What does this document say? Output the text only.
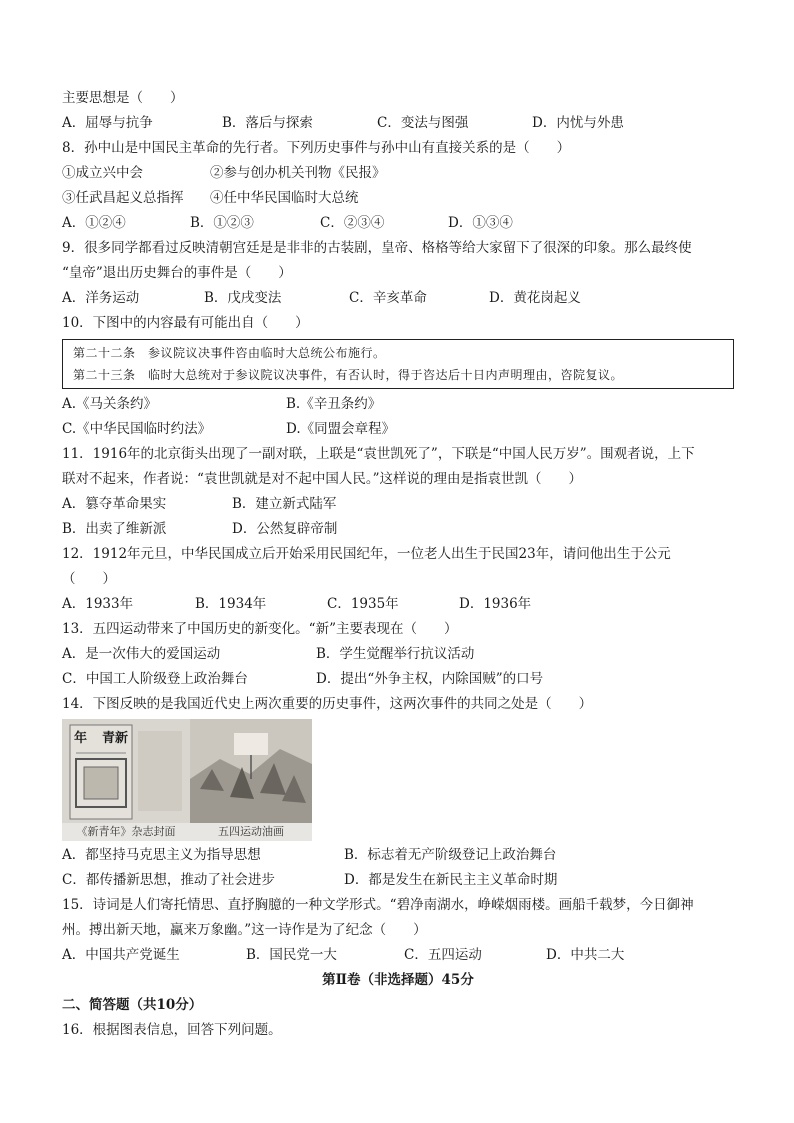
主要思想是（　　）
A．屈辱与抗争	B．落后与探索	C．变法与图强	D．内忧与外患
8．孙中山是中国民主革命的先行者。下列历史事件与孙中山有直接关系的是（　　）
①成立兴中会	②参与创办机关刊物《民报》
③任武昌起义总指挥	④任中华民国临时大总统
A．①②④	B．①②③	C．②③④	D．①③④
9．很多同学都看过反映清朝宫廷是是非非的古装剧，皇帝、格格等给大家留下了很深的印象。那么最终使
“皇帝”退出历史舞台的事件是（　　）
A．洋务运动	B．戊戌变法	C．辛亥革命	D．黄花岗起义
10．下图中的内容最有可能出自（　　）
第二十二条　参议院议决事件咨由临时大总统公布施行。
第二十三条　临时大总统对于参议院议决事件，有否认时，得于咨达后十日内声明理由，咨院复议。
A.《马关条约》	B.《辛丑条约》
C.《中华民国临时约法》	D.《同盟会章程》
11．1916年的北京街头出现了一副对联，上联是“袁世凯死了”，下联是“中国人民万岁”。围观者说，上下
联对不起来，作者说：“袁世凯就是对不起中国人民。”这样说的理由是指袁世凯（　　）
A．篡夺革命果实	B．建立新式陆军
B．出卖了维新派	D．公然复辟帝制
12．1912年元旦，中华民国成立后开始采用民国纪年，一位老人出生于民国23年，请问他出生于公元
（　　）
A．1933年	B．1934年	C．1935年	D．1936年
13．五四运动带来了中国历史的新变化。“新”主要表现在（　　）
A．是一次伟大的爱国运动	B．学生觉醒举行抗议活动
C．中国工人阶级登上政治舞台	D．提出“外争主权，内除国贼”的口号
14．下图反映的是我国近代史上两次重要的历史事件，这两次事件的共同之处是（　　）
年 青新
《新青年》杂志封面	五四运动油画
A．都坚持马克思主义为指导思想	B．标志着无产阶级登记上政治舞台
C．都传播新思想，推动了社会进步	D．都是发生在新民主主义革命时期
15．诗词是人们寄托情思、直抒胸臆的一种文学形式。“碧净南湖水，峥嵘烟雨楼。画船千载梦，今日御神
州。搏出新天地，赢来万象幽。”这一诗作是为了纪念（　　）
A．中国共产党诞生	B．国民党一大	C．五四运动	D．中共二大
第Ⅱ卷（非选择题）45分
二、简答题（共10分）
16．根据图表信息，回答下列问题。
